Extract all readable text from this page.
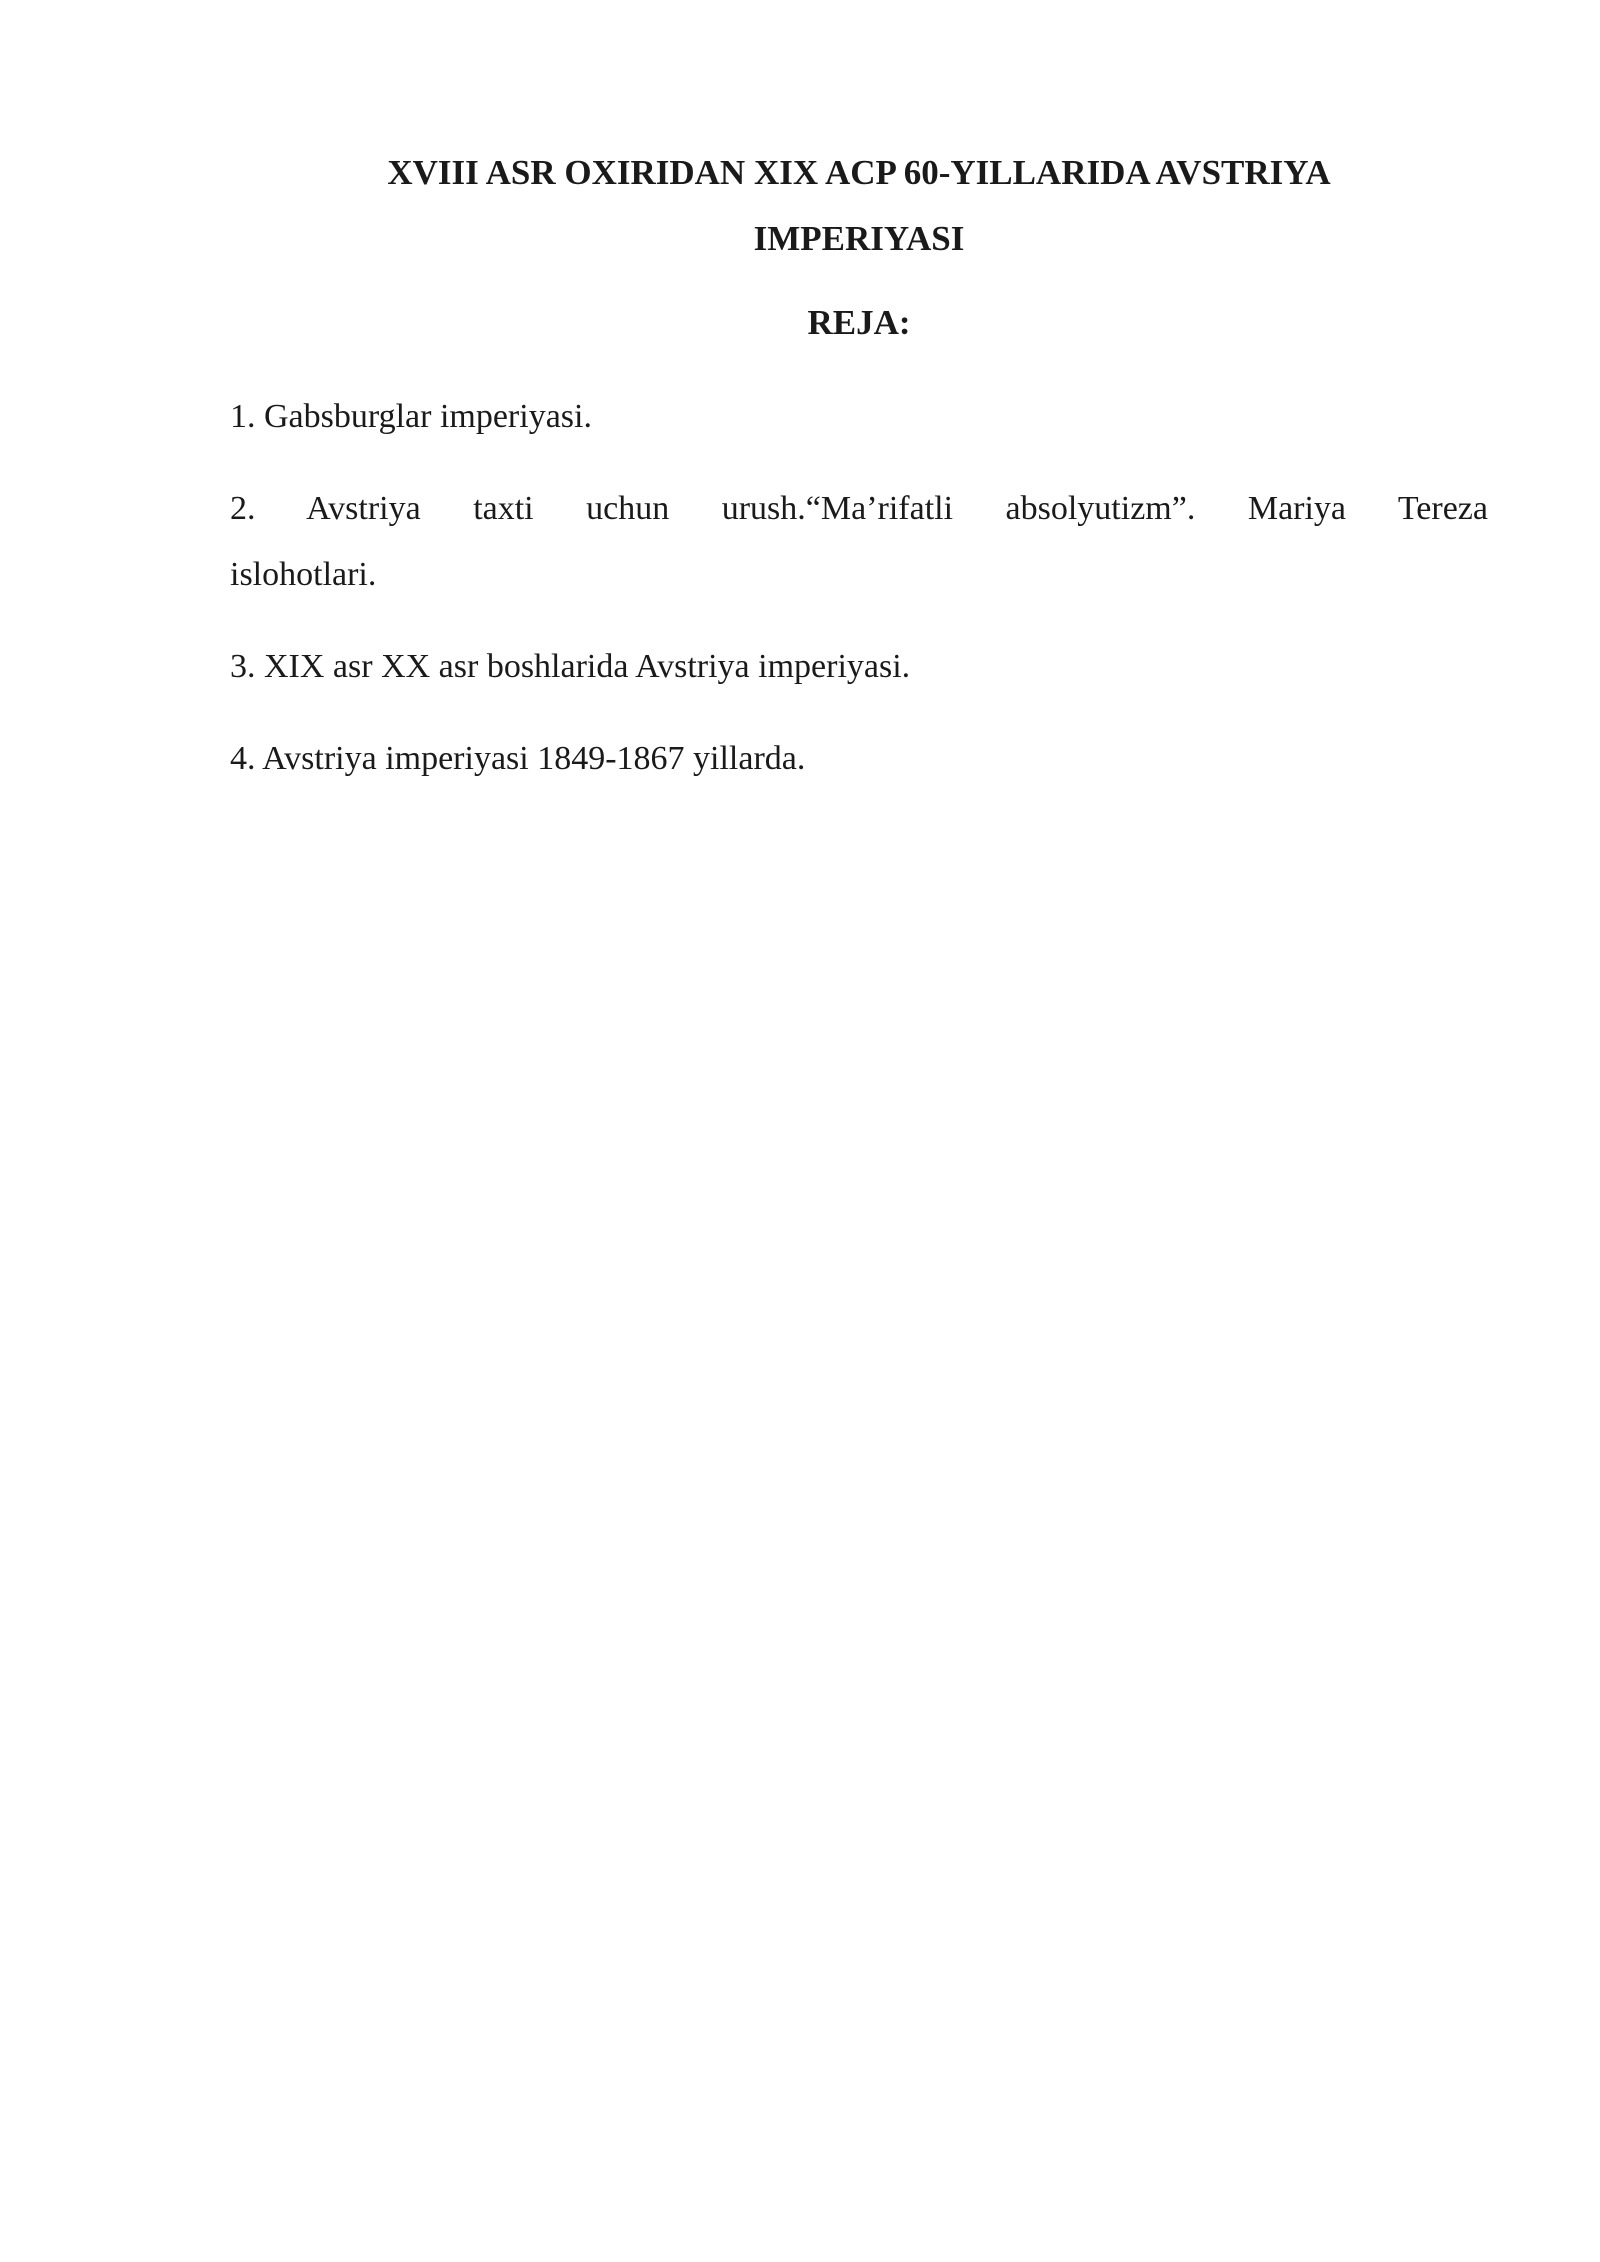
XVIII ASR OXIRIDAN XIX ACP 60-YILLARIDA AVSTRIYA
IMPERIYASI
REJA:
1. Gabsburglar imperiyasi.
2. Avstriya taxti uchun urush.“Ma’rifatli absolyutizm”. Mariya Tereza
islohotlari.
3. XIX asr XX asr boshlarida Avstriya imperiyasi.
4. Avstriya imperiyasi 1849-1867 yillarda.
